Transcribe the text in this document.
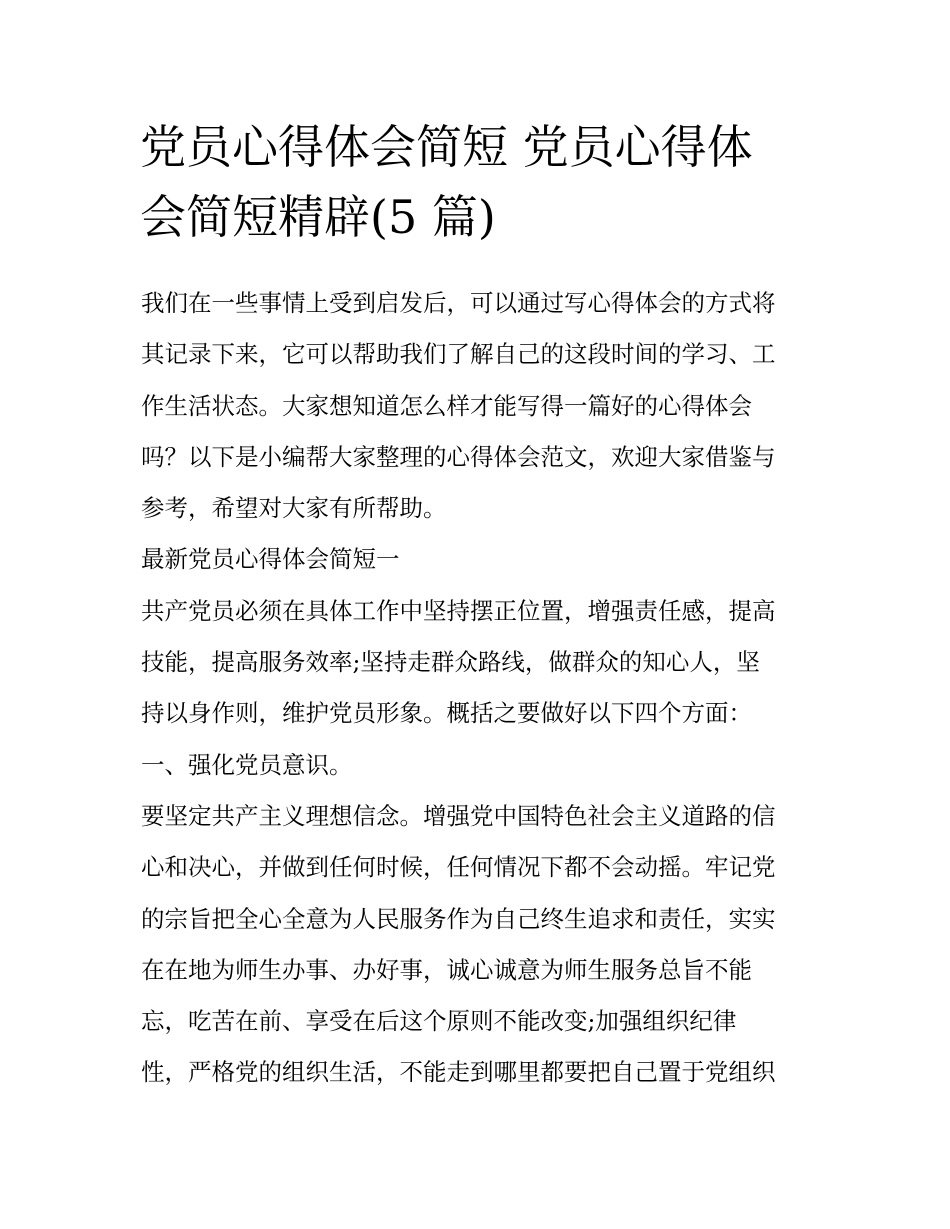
党员心得体会简短 党员心得体
会简短精辟(5 篇)
我们在一些事情上受到启发后，可以通过写心得体会的方式将
其记录下来，它可以帮助我们了解自己的这段时间的学习、工
作生活状态。大家想知道怎么样才能写得一篇好的心得体会
吗？以下是小编帮大家整理的心得体会范文，欢迎大家借鉴与
参考，希望对大家有所帮助。
最新党员心得体会简短一
共产党员必须在具体工作中坚持摆正位置，增强责任感，提高
技能，提高服务效率;坚持走群众路线，做群众的知心人，坚
持以身作则，维护党员形象。概括之要做好以下四个方面：
一、强化党员意识。
要坚定共产主义理想信念。增强党中国特色社会主义道路的信
心和决心，并做到任何时候，任何情况下都不会动摇。牢记党
的宗旨把全心全意为人民服务作为自己终生追求和责任，实实
在在地为师生办事、办好事，诚心诚意为师生服务总旨不能
忘，吃苦在前、享受在后这个原则不能改变;加强组织纪律
性，严格党的组织生活，不能走到哪里都要把自己置于党组织
